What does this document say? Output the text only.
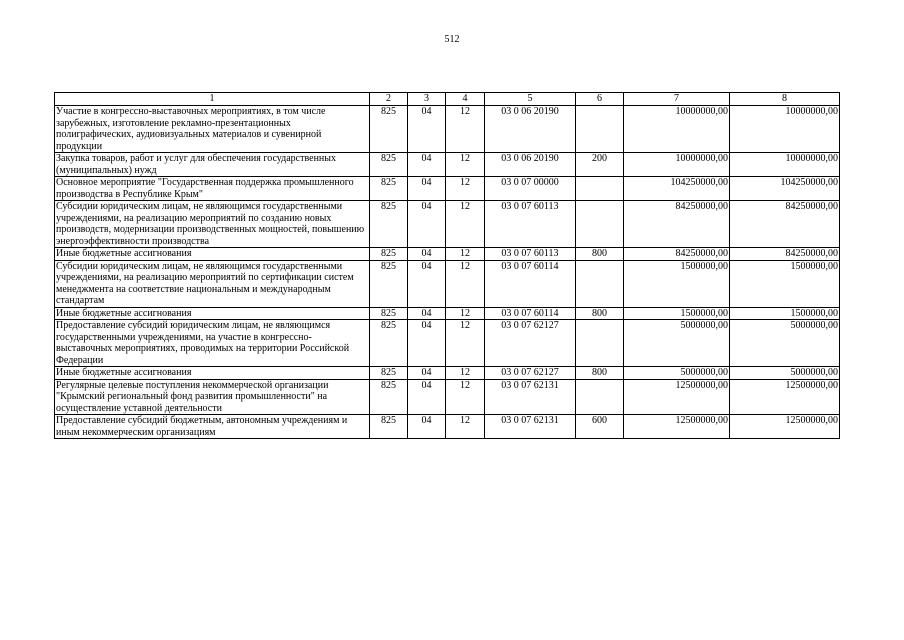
512
1	2	3	4	5	6	7	8
Участие в конгрессно-выставочных мероприятиях, в том числе зарубежных, изготовление рекламно-презентационных полиграфических, аудиовизуальных материалов и сувенирной продукции	825	04	12	03 0 06 20190		10000000,00	10000000,00
Закупка товаров, работ и услуг для обеспечения государственных (муниципальных) нужд	825	04	12	03 0 06 20190	200	10000000,00	10000000,00
Основное мероприятие "Государственная поддержка промышленного производства в Республике Крым"	825	04	12	03 0 07 00000		104250000,00	104250000,00
Субсидии юридическим лицам, не являющимся государственными учреждениями, на реализацию мероприятий по созданию новых производств, модернизации производственных мощностей, повышению энергоэффективности производства	825	04	12	03 0 07 60113		84250000,00	84250000,00
Иные бюджетные ассигнования	825	04	12	03 0 07 60113	800	84250000,00	84250000,00
Субсидии юридическим лицам, не являющимся государственными учреждениями, на реализацию мероприятий по сертификации систем менеджмента на соответствие национальным и международным стандартам	825	04	12	03 0 07 60114		1500000,00	1500000,00
Иные бюджетные ассигнования	825	04	12	03 0 07 60114	800	1500000,00	1500000,00
Предоставление субсидий юридическим лицам, не являющимся государственными учреждениями, на участие в конгрессно-выставочных мероприятиях, проводимых на территории Российской Федерации	825	04	12	03 0 07 62127		5000000,00	5000000,00
Иные бюджетные ассигнования	825	04	12	03 0 07 62127	800	5000000,00	5000000,00
Регулярные целевые поступления некоммерческой организации "Крымский региональный фонд развития промышленности" на осуществление уставной деятельности	825	04	12	03 0 07 62131		12500000,00	12500000,00
Предоставление субсидий бюджетным, автономным учреждениям и иным некоммерческим организациям	825	04	12	03 0 07 62131	600	12500000,00	12500000,00
